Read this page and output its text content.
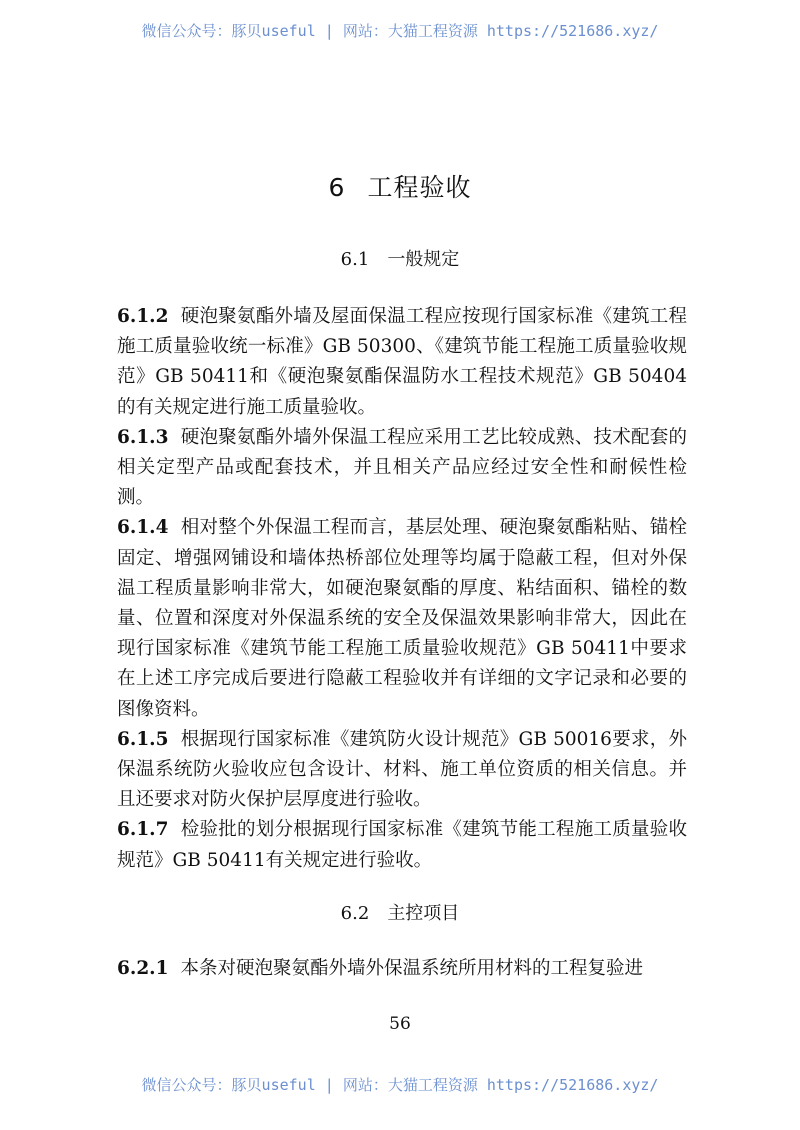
微信公众号：豚贝useful | 网站：大猫工程资源 https://521686.xyz/
6 工程验收
6.1 一般规定

6.1.2 硬泡聚氨酯外墙及屋面保温工程应按现行国家标准《建筑工程施工质量验收统一标准》GB 50300、《建筑节能工程施工质量验收规范》GB 50411和《硬泡聚氨酯保温防水工程技术规范》GB 50404的有关规定进行施工质量验收。

6.1.3 硬泡聚氨酯外墙外保温工程应采用工艺比较成熟、技术配套的相关定型产品或配套技术，并且相关产品应经过安全性和耐候性检测。

6.1.4 相对整个外保温工程而言，基层处理、硬泡聚氨酯粘贴、锚栓固定、增强网铺设和墙体热桥部位处理等均属于隐蔽工程，但对外保温工程质量影响非常大，如硬泡聚氨酯的厚度、粘结面积、锚栓的数量、位置和深度对外保温系统的安全及保温效果影响非常大，因此在现行国家标准《建筑节能工程施工质量验收规范》GB 50411中要求在上述工序完成后要进行隐蔽工程验收并有详细的文字记录和必要的图像资料。

6.1.5 根据现行国家标准《建筑防火设计规范》GB 50016要求，外保温系统防火验收应包含设计、材料、施工单位资质的相关信息。并且还要求对防火保护层厚度进行验收。

6.1.7 检验批的划分根据现行国家标准《建筑节能工程施工质量验收规范》GB 50411有关规定进行验收。

6.2 主控项目
6.2.1 本条对硬泡聚氨酯外墙外保温系统所用材料的工程复验进
56
微信公众号：豚贝useful | 网站：大猫工程资源 https://521686.xyz/
